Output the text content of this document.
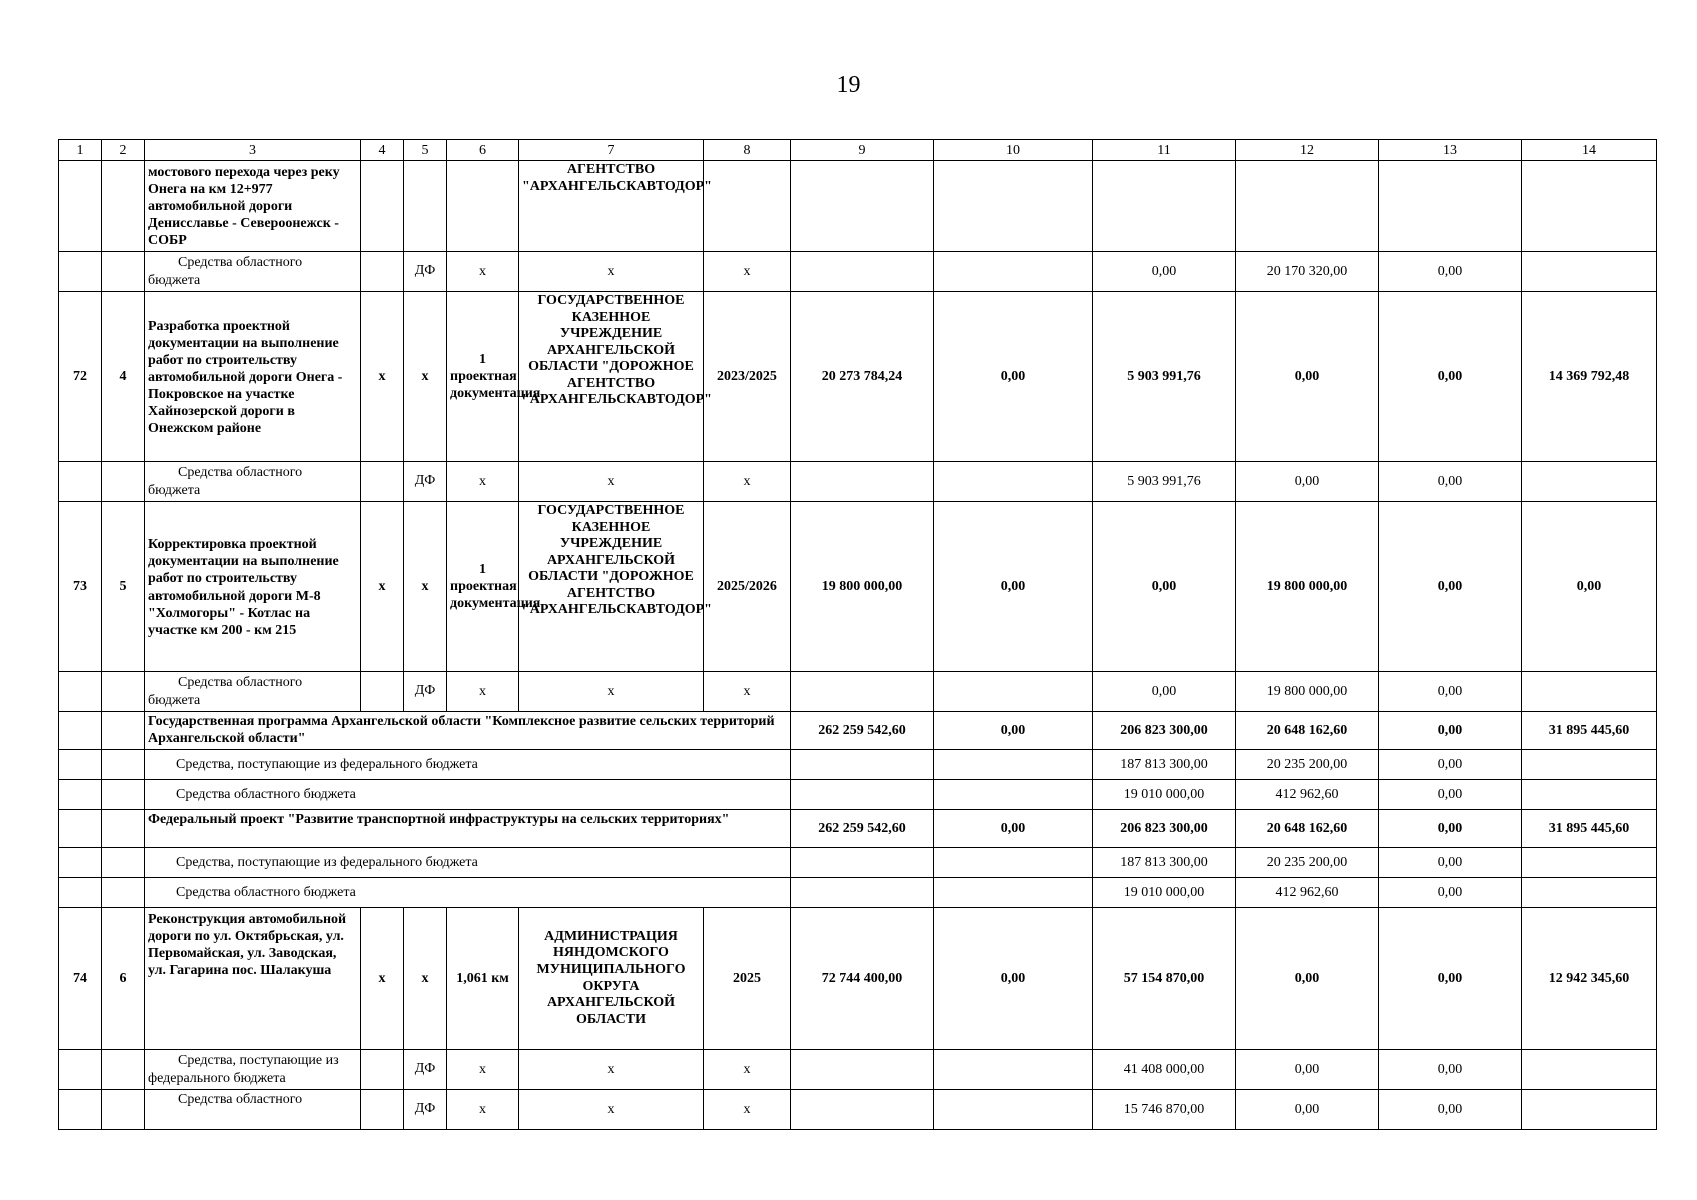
19
1	2	3	4	5	6	7	8	9	10	11	12	13	14
		мостового перехода через реку Онега на км 12+977 автомобильной дороги Денисславье - Североонежск - СОБР				АГЕНТСТВО "АРХАНГЕЛЬСКАВТОДОР"							
		Средства областного бюджета		ДФ	х	х	х			0,00	20 170 320,00	0,00	
72	4	Разработка проектной документации на выполнение работ по строительству автомобильной дороги Онега - Покровское на участке Хайнозерской дороги в Онежском районе	х	х	1 проектная документация	ГОСУДАРСТВЕННОЕ КАЗЕННОЕ УЧРЕЖДЕНИЕ АРХАНГЕЛЬСКОЙ ОБЛАСТИ "ДОРОЖНОЕ АГЕНТСТВО "АРХАНГЕЛЬСКАВТОДОР"	2023/2025	20 273 784,24	0,00	5 903 991,76	0,00	0,00	14 369 792,48
		Средства областного бюджета		ДФ	х	х	х			5 903 991,76	0,00	0,00	
73	5	Корректировка проектной документации на выполнение работ по строительству автомобильной дороги М-8 "Холмогоры" - Котлас на участке км 200 - км 215	х	х	1 проектная документация	ГОСУДАРСТВЕННОЕ КАЗЕННОЕ УЧРЕЖДЕНИЕ АРХАНГЕЛЬСКОЙ ОБЛАСТИ "ДОРОЖНОЕ АГЕНТСТВО "АРХАНГЕЛЬСКАВТОДОР"	2025/2026	19 800 000,00	0,00	0,00	19 800 000,00	0,00	0,00
		Средства областного бюджета		ДФ	х	х	х			0,00	19 800 000,00	0,00	
		Государственная программа Архангельской области "Комплексное развитие сельских территорий Архангельской области"						262 259 542,60	0,00	206 823 300,00	20 648 162,60	0,00	31 895 445,60
		Средства, поступающие из федерального бюджета								187 813 300,00	20 235 200,00	0,00	
		Средства областного бюджета								19 010 000,00	412 962,60	0,00	
		Федеральный проект "Развитие транспортной инфраструктуры на сельских территориях"						262 259 542,60	0,00	206 823 300,00	20 648 162,60	0,00	31 895 445,60
		Средства, поступающие из федерального бюджета								187 813 300,00	20 235 200,00	0,00	
		Средства областного бюджета								19 010 000,00	412 962,60	0,00	
74	6	Реконструкция автомобильной дороги по ул. Октябрьская, ул. Первомайская, ул. Заводская, ул. Гагарина пос. Шалакуша	х	х	1,061 км	АДМИНИСТРАЦИЯ НЯНДОМСКОГО МУНИЦИПАЛЬНОГО ОКРУГА АРХАНГЕЛЬСКОЙ ОБЛАСТИ	2025	72 744 400,00	0,00	57 154 870,00	0,00	0,00	12 942 345,60
		Средства, поступающие из федерального бюджета		ДФ	х	х	х			41 408 000,00	0,00	0,00	
		Средства областного		ДФ	х	х	х			15 746 870,00	0,00	0,00	
